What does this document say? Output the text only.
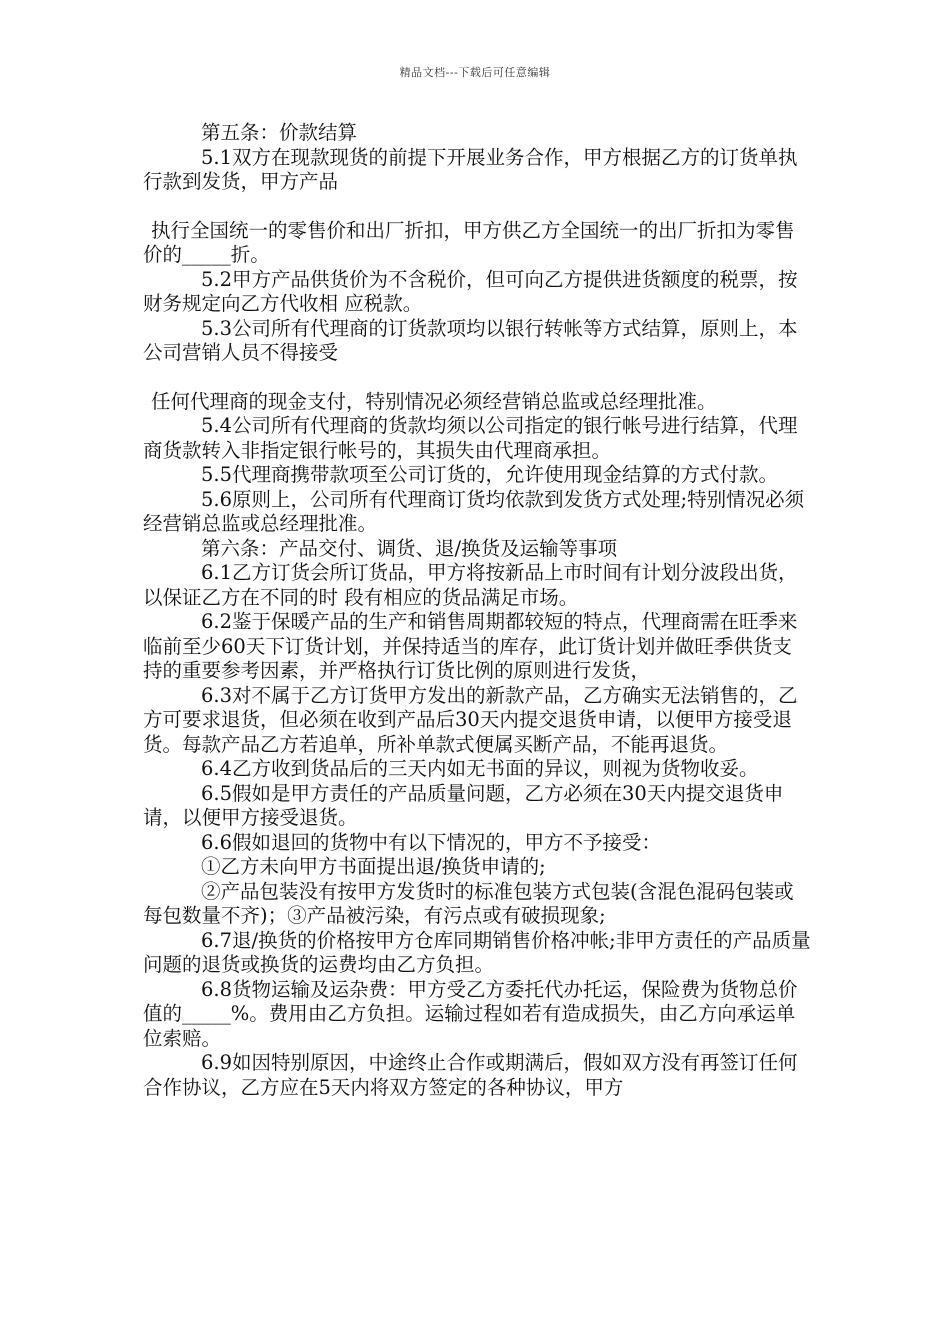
精品文档---下载后可任意编辑

第五条：价款结算

5.1双方在现款现货的前提下开展业务合作，甲方根据乙方的订货单执行款到发货，甲方产品

执行全国统一的零售价和出厂折扣，甲方供乙方全国统一的出厂折扣为零售价的_____折。

5.2甲方产品供货价为不含税价，但可向乙方提供进货额度的税票，按财务规定向乙方代收相 应税款。

5.3公司所有代理商的订货款项均以银行转帐等方式结算，原则上，本公司营销人员不得接受

任何代理商的现金支付，特别情况必须经营销总监或总经理批准。

5.4公司所有代理商的货款均须以公司指定的银行帐号进行结算，代理商货款转入非指定银行帐号的，其损失由代理商承担。

5.5代理商携带款项至公司订货的，允许使用现金结算的方式付款。

5.6原则上，公司所有代理商订货均依款到发货方式处理;特别情况必须经营销总监或总经理批准。

第六条：产品交付、调货、退/换货及运输等事项

6.1乙方订货会所订货品，甲方将按新品上市时间有计划分波段出货，以保证乙方在不同的时 段有相应的货品满足市场。

6.2鉴于保暖产品的生产和销售周期都较短的特点，代理商需在旺季来临前至少60天下订货计划，并保持适当的库存，此订货计划并做旺季供货支持的重要参考因素，并严格执行订货比例的原则进行发货，

6.3对不属于乙方订货甲方发出的新款产品，乙方确实无法销售的，乙方可要求退货，但必须在收到产品后30天内提交退货申请，以便甲方接受退货。每款产品乙方若追单，所补单款式便属买断产品，不能再退货。

6.4乙方收到货品后的三天内如无书面的异议，则视为货物收妥。

6.5假如是甲方责任的产品质量问题，乙方必须在30天内提交退货申请，以便甲方接受退货。

6.6假如退回的货物中有以下情况的，甲方不予接受：

①乙方未向甲方书面提出退/换货申请的;

②产品包装没有按甲方发货时的标准包装方式包装(含混色混码包装或每包数量不齐)；③产品被污染，有污点或有破损现象;

6.7退/换货的价格按甲方仓库同期销售价格冲帐;非甲方责任的产品质量问题的退货或换货的运费均由乙方负担。

6.8货物运输及运杂费：甲方受乙方委托代办托运，保险费为货物总价值的_____%。费用由乙方负担。运输过程如若有造成损失，由乙方向承运单位索赔。

6.9如因特别原因，中途终止合作或期满后，假如双方没有再签订任何合作协议，乙方应在5天内将双方签定的各种协议，甲方
